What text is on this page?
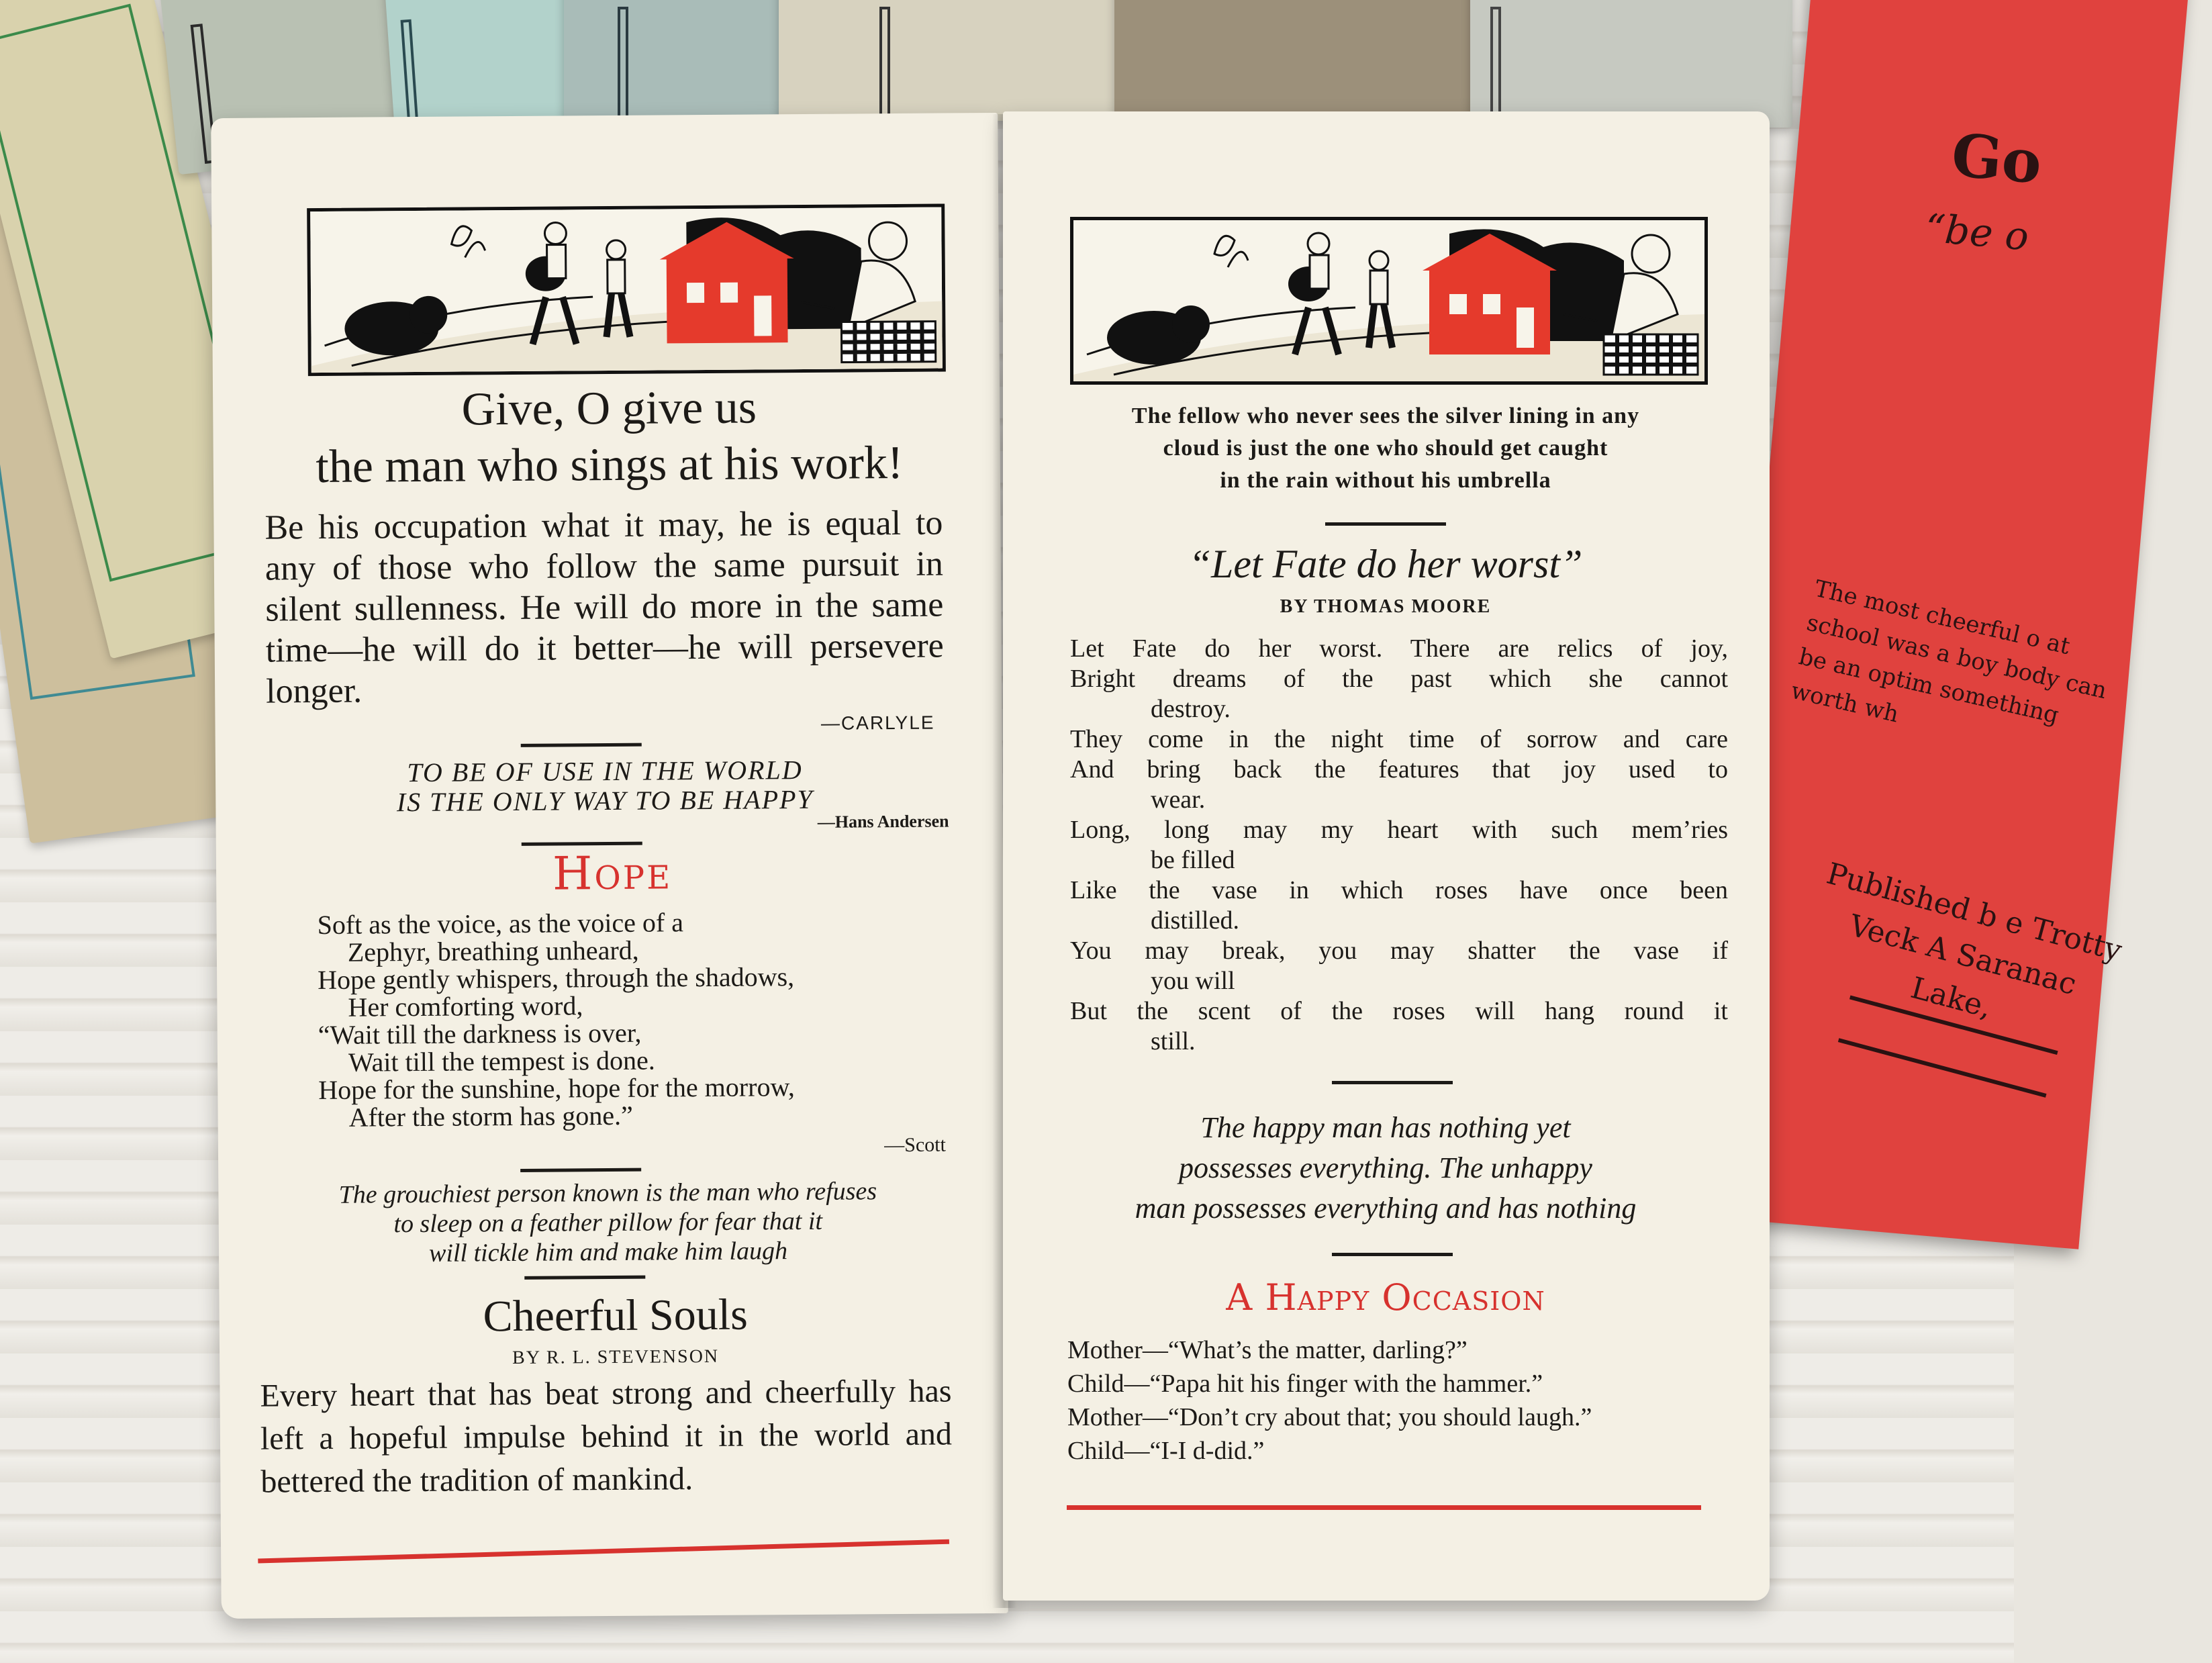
Go
“be o
The most cheerful o at school was a boy body can be an optim something worth wh
Published b e Trotty Veck A Saranac Lake,
Give, O give us
the man who sings at his work!
Be his occupation what it may, he is equal to any of those who follow the same pursuit in silent sullenness. He will do more in the same time—he will do it better—he will persevere longer.
—CARLYLE
TO BE OF USE IN THE WORLD
IS THE ONLY WAY TO BE HAPPY
—Hans Andersen
Hope
Soft as the voice, as the voice of a
Zephyr, breathing unheard,
Hope gently whispers, through the shadows,
Her comforting word,
“Wait till the darkness is over,
Wait till the tempest is done.
Hope for the sunshine, hope for the morrow,
After the storm has gone.”
—Scott
The grouchiest person known is the man who refuses
to sleep on a feather pillow for fear that it
will tickle him and make him laugh
Cheerful Souls
BY R. L. STEVENSON
Every heart that has beat strong and cheerfully has left a hopeful impulse behind it in the world and bettered the tradition of mankind.
The fellow who never sees the silver lining in any
cloud is just the one who should get caught
in the rain without his umbrella
“Let Fate do her worst”
BY THOMAS MOORE
Let Fate do her worst. There are relics of joy,
Bright dreams of the past which she cannot
destroy.
They come in the night time of sorrow and care
And bring back the features that joy used to
wear.
Long, long may my heart with such mem’ries
be filled
Like the vase in which roses have once been
distilled.
You may break, you may shatter the vase if
you will
But the scent of the roses will hang round it
still.
The happy man has nothing yet
possesses everything. The unhappy
man possesses everything and has nothing
A Happy Occasion
Mother—“What’s the matter, darling?”
Child—“Papa hit his finger with the hammer.”
Mother—“Don’t cry about that; you should laugh.”
Child—“I-I d-did.”
